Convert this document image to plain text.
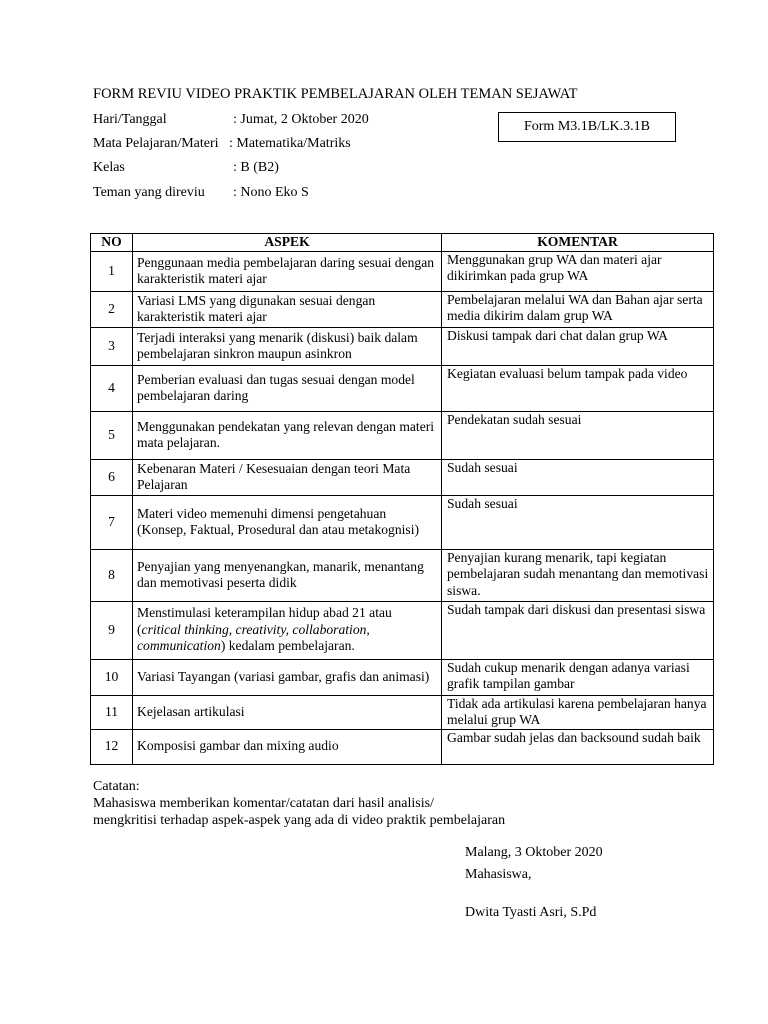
FORM REVIU VIDEO PRAKTIK PEMBELAJARAN OLEH TEMAN SEJAWAT
Hari/Tanggal	: Jumat, 2 Oktober 2020
Mata Pelajaran/Materi : Matematika/Matriks
Kelas	: B (B2)
Teman yang direviu : Nono Eko S
Form M3.1B/LK.3.1B
NO	ASPEK	KOMENTAR
1	Penggunaan media pembelajaran daring sesuai dengan karakteristik materi ajar	Menggunakan grup WA dan materi ajar dikirimkan pada grup WA
2	Variasi LMS yang digunakan sesuai dengan karakteristik materi ajar	Pembelajaran melalui WA dan Bahan ajar serta media dikirim dalam grup WA
3	Terjadi interaksi yang menarik (diskusi) baik dalam pembelajaran sinkron maupun asinkron	Diskusi tampak dari chat dalan grup WA
4	Pemberian evaluasi dan tugas sesuai dengan model pembelajaran daring	Kegiatan evaluasi belum tampak pada video
5	Menggunakan pendekatan yang relevan dengan materi mata pelajaran.	Pendekatan sudah sesuai
6	Kebenaran Materi / Kesesuaian dengan teori Mata Pelajaran	Sudah sesuai
7	Materi video memenuhi dimensi pengetahuan (Konsep, Faktual, Prosedural dan atau metakognisi)	Sudah sesuai
8	Penyajian yang menyenangkan, manarik, menantang dan memotivasi peserta didik	Penyajian kurang menarik, tapi kegiatan pembelajaran sudah menantang dan memotivasi siswa.
9	Menstimulasi keterampilan hidup abad 21 atau (critical thinking, creativity, collaboration, communication) kedalam pembelajaran.	Sudah tampak dari diskusi dan presentasi siswa
10	Variasi Tayangan (variasi gambar, grafis dan animasi)	Sudah cukup menarik dengan adanya variasi grafik tampilan gambar
11	Kejelasan artikulasi	Tidak ada artikulasi karena pembelajaran hanya melalui grup WA
12	Komposisi gambar dan mixing audio	Gambar sudah jelas dan backsound sudah baik
Catatan:
Mahasiswa memberikan komentar/catatan dari hasil analisis/
mengkritisi terhadap aspek-aspek yang ada di video praktik pembelajaran
Malang, 3 Oktober 2020
Mahasiswa,
Dwita Tyasti Asri, S.Pd
